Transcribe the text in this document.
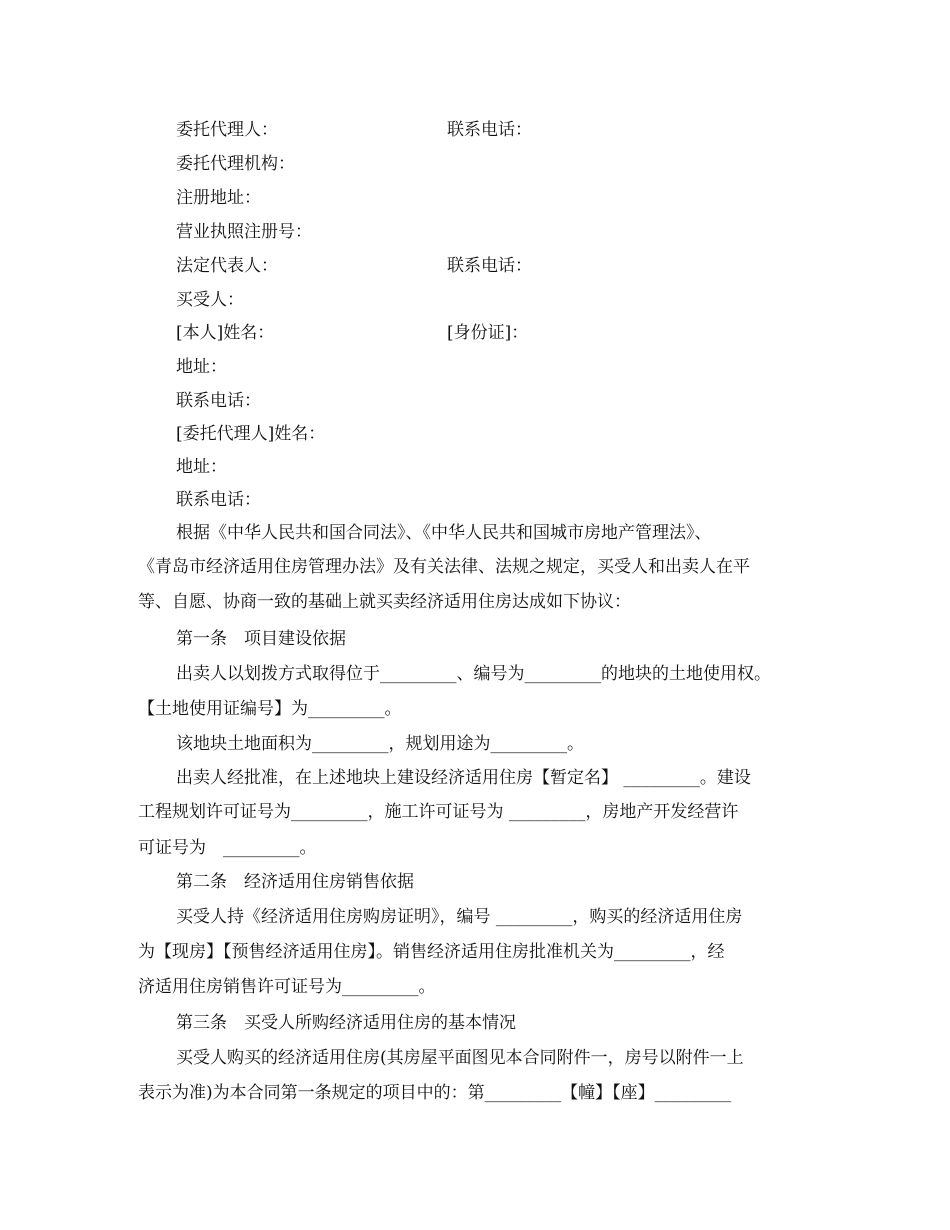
委托代理人：	联系电话：
委托代理机构：
注册地址：
营业执照注册号：
法定代表人：	联系电话：
买受人：
[本人]姓名：	[身份证]：
地址：
联系电话：
[委托代理人]姓名：
地址：
联系电话：
根据《中华人民共和国合同法》、《中华人民共和国城市房地产管理法》、
《青岛市经济适用住房管理办法》及有关法律、法规之规定，买受人和出卖人在平
等、自愿、协商一致的基础上就买卖经济适用住房达成如下协议：
第一条　项目建设依据
出卖人以划拨方式取得位于_________、编号为_________的地块的土地使用权。
【土地使用证编号】为_________。
该地块土地面积为_________，规划用途为_________。
出卖人经批准，在上述地块上建设经济适用住房【暂定名】 _________。建设
工程规划许可证号为_________，施工许可证号为 _________，房地产开发经营许
可证号为　_________。
第二条　经济适用住房销售依据
买受人持《经济适用住房购房证明》，编号 _________，购买的经济适用住房
为【现房】【预售经济适用住房】。销售经济适用住房批准机关为_________，经
济适用住房销售许可证号为_________。
第三条　买受人所购经济适用住房的基本情况
买受人购买的经济适用住房(其房屋平面图见本合同附件一，房号以附件一上
表示为准)为本合同第一条规定的项目中的：第_________【幢】【座】_________
